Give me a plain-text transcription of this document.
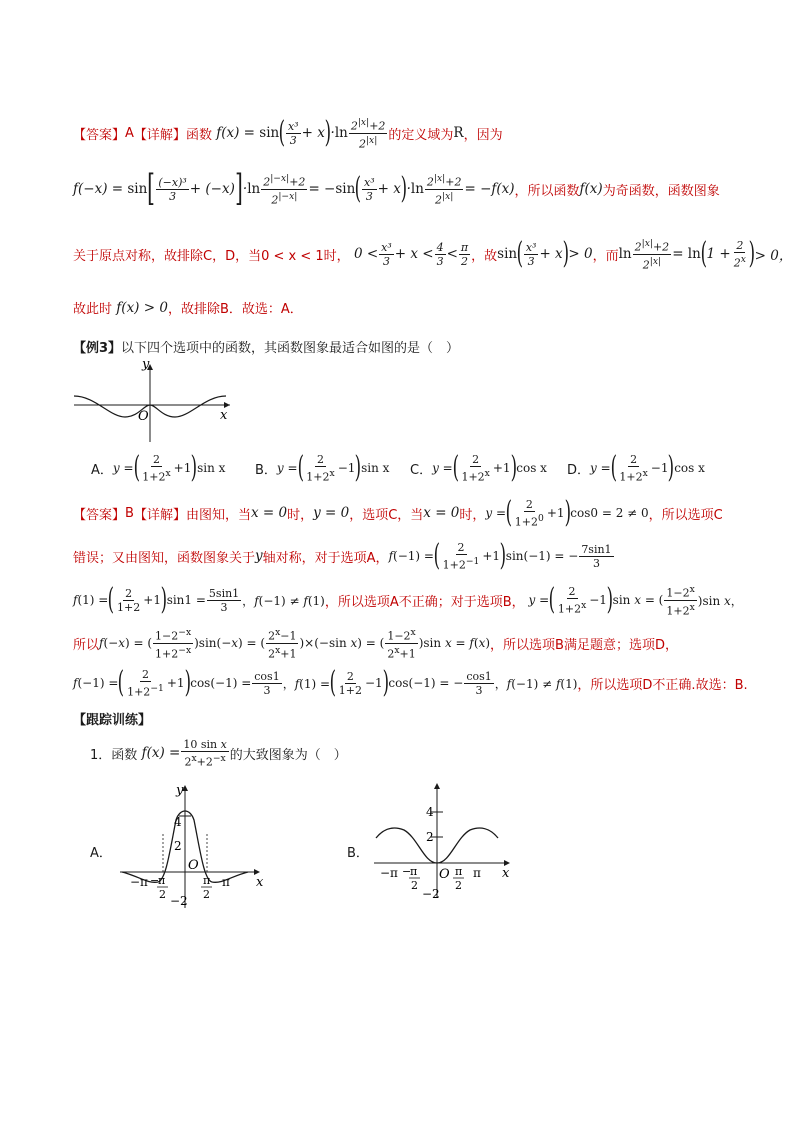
【答案】 A 【详解】 函数 f(x) = sin ( $\frac{\text{x³}}{3} + x$ ) $\cdot\ln \frac{2^{|x|}+2}{2^{|x|}}$ 的定义域为 R ，因为
f(−x) = sin [ $\frac{\text{(−x)³}}{3} + (-x)$ ] $\cdot\ln \frac{2^{|-x|}+2}{2^{|-x|}} = -\sin$ ( $\frac{\text{x³}}{3} + x$ ) $\cdot\ln \frac{2^{|x|}+2}{2^{|x|}} = -f(x)$ ，所以函数 f(x) 为奇函数，函数图象
关于原点对称，故排除C，D，当 0 < x < 1时， $0 < \frac{\text{x³}}{3} + x < \frac{4}{3} < \frac{\pi}{2}$ ，故 sin ( $\frac{\text{x³}}{3} + x$ ) > 0 ，而 $\ln \frac{2^{|x|}+2}{2^{|x|}} = \ln$ ( $1 + \frac{2}{2^x}$ ) > 0，
故此时 f(x) > 0 ，故排除B．故选：A．
【例3】 以下四个选项中的函数，其函数图象最适合如图的是（　）
y
O	x
A． y = ( $\frac{2}{1+2^x} +1$ ) sin x B． y = ( $\frac{2}{1+2^x} -1$ ) sin x C． y = ( $\frac{2}{1+2^x} +1$ ) cos x D． y = ( $\frac{2}{1+2^x} -1$ ) cos x
【答案】 B 【详解】 由图知，当 x = 0 时， y = 0 ，选项C，当 x = 0 时， y = ( $\frac{2}{1+2^0} +1$ ) cos0 = 2 ≠ 0 ，所以选项C
错误；又由图知，函数图象关于 y 轴对称，对于选项A， f(−1) = ( $\frac{2}{1+2^{-1}} +1$ ) sin(−1) = − $\frac{7\sin 1}{3}$
f(1) = ( $\frac{2}{1+2} +1$ ) $\sin 1 = \frac{5\sin 1}{3}$ ，f(−1) ≠ f(1) ，所以选项A不正确；对于选项B， y = ( $\frac{2}{1+2^x} -1$ ) sin x = ( $\frac{1-2^x}{1+2^x} )\sin$ x，
所以 f(−x) = ( $\frac{1-2^{-x}}{1+2^{-x}} )\sin(-x)$ = ( $\frac{2^x-1}{2^x+1} )\times(-\sin$ x) = ( $\frac{1-2^x}{2^x+1} )\sin$ x = f(x) ，所以选项B满足题意；选项D，
f(−1) = ( $\frac{2}{1+2^{-1}} +1$ ) $\cos(-1) = \frac{\cos 1}{3}$ ，f(1) = ( $\frac{2}{1+2} -1$ ) cos(−1) = − $\frac{\cos 1}{3}$ ，f(−1) ≠ f(1) ，所以选项D不正确.故选：B.
【跟踪训练】
1．函数 $f(x) = \frac{\text{10 sin x}}{2^x+2^{-x}}$ 的大致图象为（　）
A．
y
4
2
−2
O
−π	π
−
π
2
π
2
x
B．
4
2
−2
O
−π	π
−
π
2
π
2
x
